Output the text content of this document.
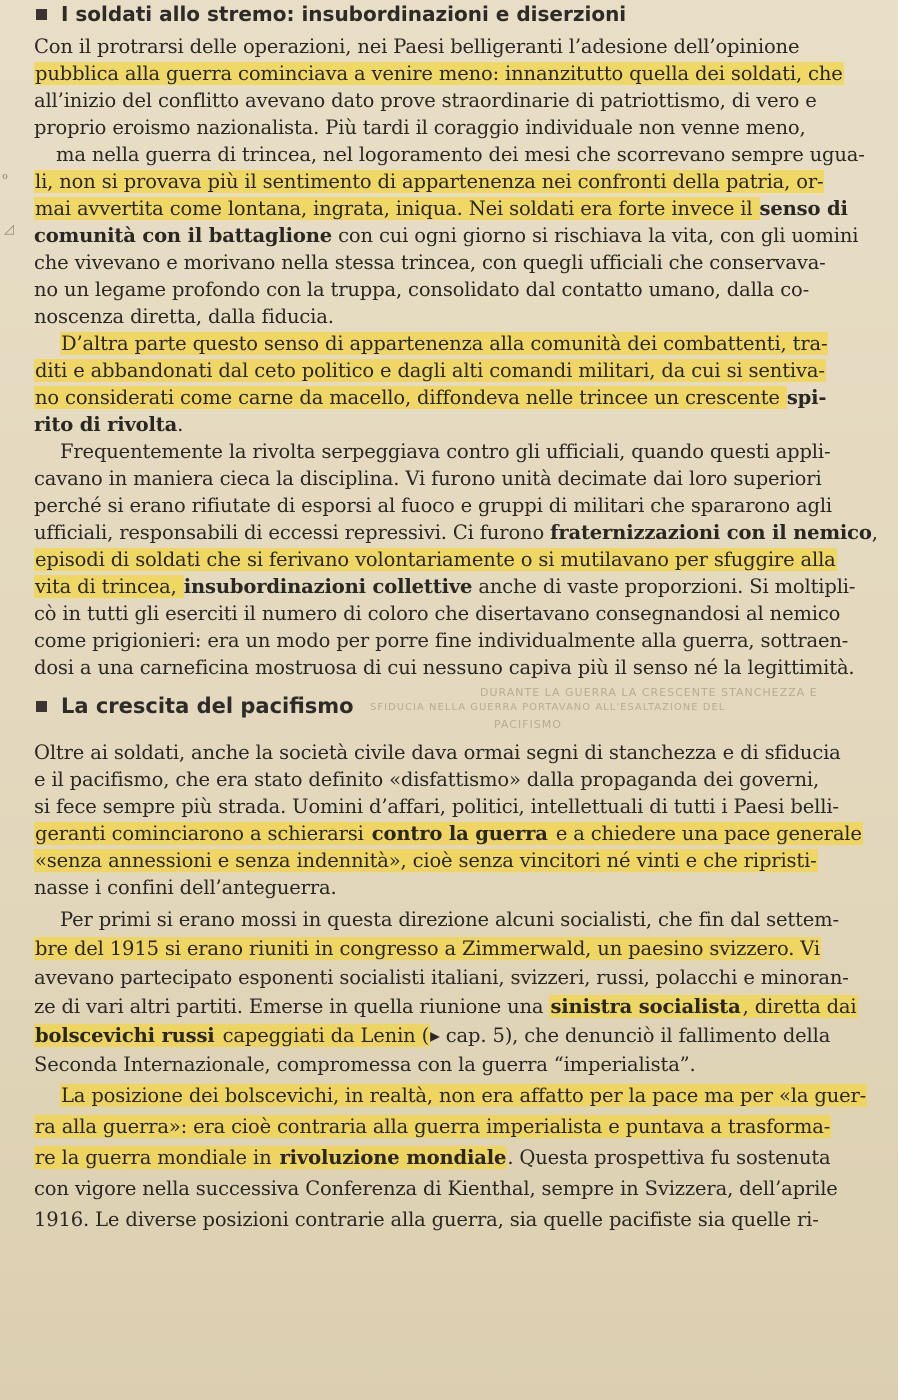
I soldati allo stremo: insubordinazioni e diserzioni
ℴ
◿
Con il protrarsi delle operazioni, nei Paesi belligeranti l’adesione dell’opinione
pubblica alla guerra cominciava a venire meno: innanzitutto quella dei soldati, che
all’inizio del conflitto avevano dato prove straordinarie di patriottismo, di vero e
proprio eroismo nazionalista. Più tardi il coraggio individuale non venne meno,
ma nella guerra di trincea, nel logoramento dei mesi che scorrevano sempre ugua-
li, non si provava più il sentimento di appartenenza nei confronti della patria, or-
mai avvertita come lontana, ingrata, iniqua. Nei soldati era forte invece il senso di
comunità con il battaglione con cui ogni giorno si rischiava la vita, con gli uomini
che vivevano e morivano nella stessa trincea, con quegli ufficiali che conservava-
no un legame profondo con la truppa, consolidato dal contatto umano, dalla co-
noscenza diretta, dalla fiducia.
D’altra parte questo senso di appartenenza alla comunità dei combattenti, tra-
diti e abbandonati dal ceto politico e dagli alti comandi militari, da cui si sentiva-
no considerati come carne da macello, diffondeva nelle trincee un crescente spi-
rito di rivolta.
Frequentemente la rivolta serpeggiava contro gli ufficiali, quando questi appli-
cavano in maniera cieca la disciplina. Vi furono unità decimate dai loro superiori
perché si erano rifiutate di esporsi al fuoco e gruppi di militari che spararono agli
ufficiali, responsabili di eccessi repressivi. Ci furono fraternizzazioni con il nemico,
episodi di soldati che si ferivano volontariamente o si mutilavano per sfuggire alla
vita di trincea, insubordinazioni collettive anche di vaste proporzioni. Si moltipli-
cò in tutti gli eserciti il numero di coloro che disertavano consegnandosi al nemico
come prigionieri: era un modo per porre fine individualmente alla guerra, sottraen-
dosi a una carneficina mostruosa di cui nessuno capiva più il senso né la legittimità.
La crescita del pacifismo
DURANTE LA GUERRA LA CRESCENTE STANCHEZZA E
SFIDUCIA NELLA GUERRA PORTAVANO ALL'ESALTAZIONE DEL
PACIFISMO
Oltre ai soldati, anche la società civile dava ormai segni di stanchezza e di sfiducia
e il pacifismo, che era stato definito «disfattismo» dalla propaganda dei governi,
si fece sempre più strada. Uomini d’affari, politici, intellettuali di tutti i Paesi belli-
geranti cominciarono a schierarsi contro la guerra e a chiedere una pace generale
«senza annessioni e senza indennità», cioè senza vincitori né vinti e che ripristi-
nasse i confini dell’anteguerra.
Per primi si erano mossi in questa direzione alcuni socialisti, che fin dal settem-
bre del 1915 si erano riuniti in congresso a Zimmerwald, un paesino svizzero. Vi
avevano partecipato esponenti socialisti italiani, svizzeri, russi, polacchi e minoran-
ze di vari altri partiti. Emerse in quella riunione una sinistra socialista , diretta dai
bolscevichi russi capeggiati da Lenin (▸ cap. 5), che denunciò il fallimento della
Seconda Internazionale, compromessa con la guerra “imperialista”.
La posizione dei bolscevichi, in realtà, non era affatto per la pace ma per «la guer-
ra alla guerra»: era cioè contraria alla guerra imperialista e puntava a trasforma-
re la guerra mondiale in rivoluzione mondiale. Questa prospettiva fu sostenuta
con vigore nella successiva Conferenza di Kienthal, sempre in Svizzera, dell’aprile
1916. Le diverse posizioni contrarie alla guerra, sia quelle pacifiste sia quelle ri-
